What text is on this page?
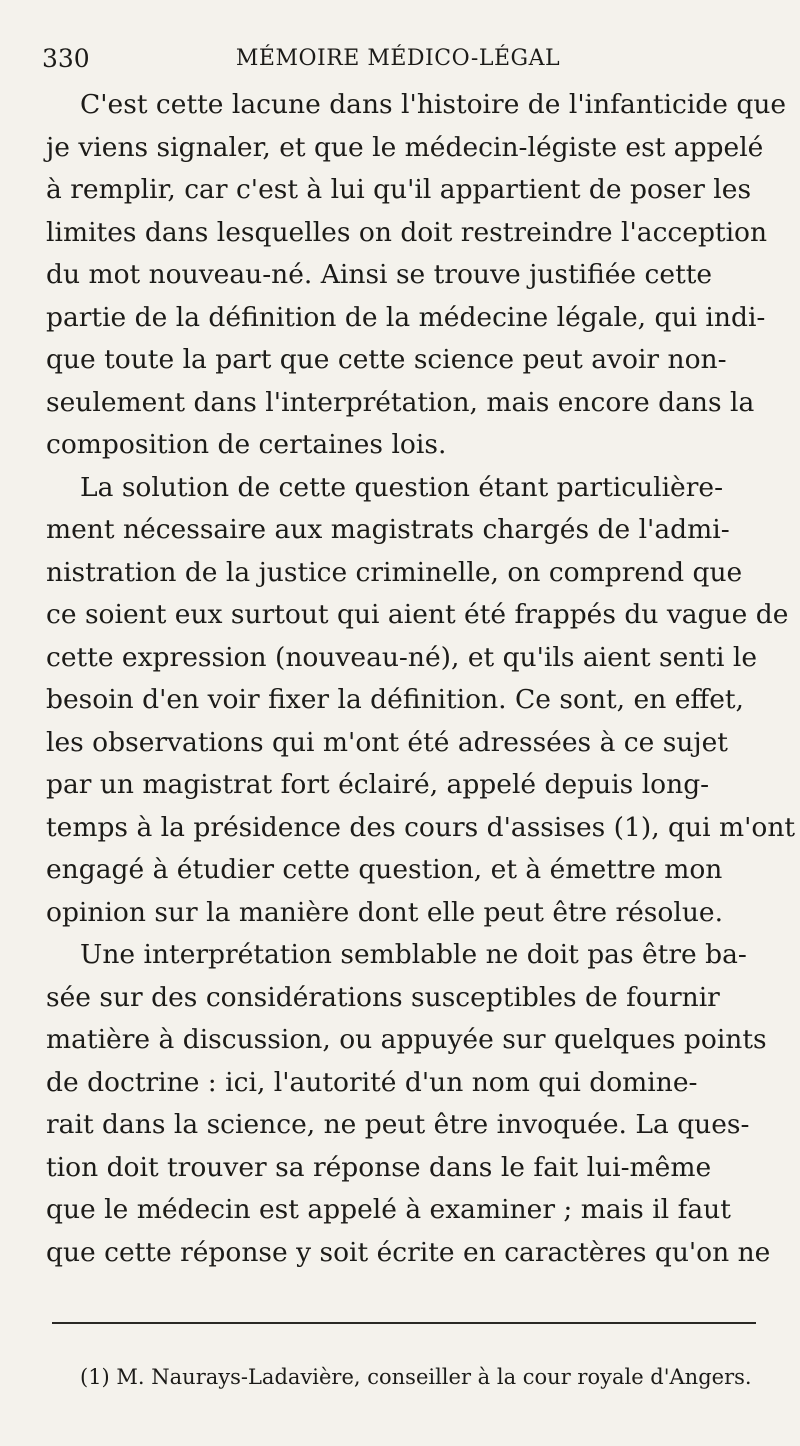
330	MÉMOIRE MÉDICO-LÉGAL

C'est cette lacune dans l'histoire de l'infanticide que
je viens signaler, et que le médecin-légiste est appelé
à remplir, car c'est à lui qu'il appartient de poser les
limites dans lesquelles on doit restreindre l'acception
du mot nouveau-né. Ainsi se trouve justifiée cette
partie de la définition de la médecine légale, qui indi-
que toute la part que cette science peut avoir non-
seulement dans l'interprétation, mais encore dans la
composition de certaines lois.

La solution de cette question étant particulière-
ment nécessaire aux magistrats chargés de l'admi-
nistration de la justice criminelle, on comprend que
ce soient eux surtout qui aient été frappés du vague de
cette expression (nouveau-né), et qu'ils aient senti le
besoin d'en voir fixer la définition. Ce sont, en effet,
les observations qui m'ont été adressées à ce sujet
par un magistrat fort éclairé, appelé depuis long-
temps à la présidence des cours d'assises (1), qui m'ont
engagé à étudier cette question, et à émettre mon
opinion sur la manière dont elle peut être résolue.

Une interprétation semblable ne doit pas être ba-
sée sur des considérations susceptibles de fournir
matière à discussion, ou appuyée sur quelques points
de doctrine : ici, l'autorité d'un nom qui domine-
rait dans la science, ne peut être invoquée. La ques-
tion doit trouver sa réponse dans le fait lui-même
que le médecin est appelé à examiner ; mais il faut
que cette réponse y soit écrite en caractères qu'on ne

(1) M. Naurays-Ladavière, conseiller à la cour royale d'Angers.
